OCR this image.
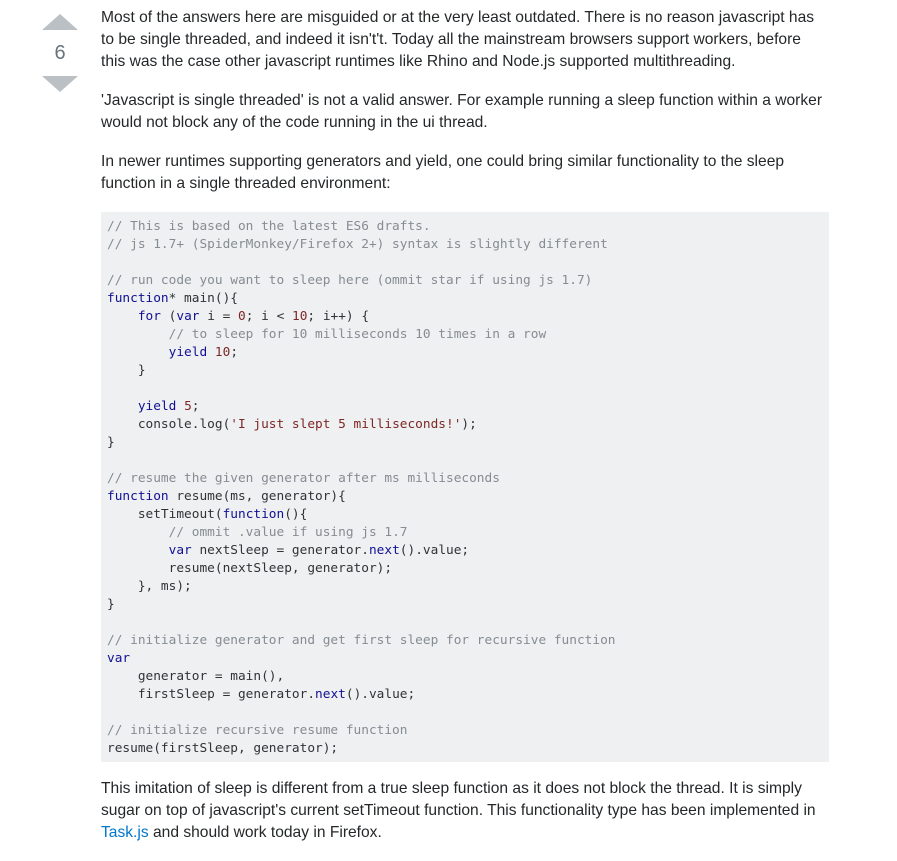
6

Most of the answers here are misguided or at the very least outdated. There is no reason javascript has to be single threaded, and indeed it isn't't. Today all the mainstream browsers support workers, before this was the case other javascript runtimes like Rhino and Node.js supported multithreading.

'Javascript is single threaded' is not a valid answer. For example running a sleep function within a worker would not block any of the code running in the ui thread.

In newer runtimes supporting generators and yield, one could bring similar functionality to the sleep function in a single threaded environment:

// This is based on the latest ES6 drafts.
// js 1.7+ (SpiderMonkey/Firefox 2+) syntax is slightly different
// run code you want to sleep here (ommit star if using js 1.7)
function* main(){
for (var i = 0; i < 10; i++) {
// to sleep for 10 milliseconds 10 times in a row
yield 10;
}
yield 5;
console.log('I just slept 5 milliseconds!');
}
// resume the given generator after ms milliseconds
function resume(ms, generator){
setTimeout(function(){
// ommit .value if using js 1.7
var nextSleep = generator.next().value;
resume(nextSleep, generator);
}, ms);
}
// initialize generator and get first sleep for recursive function
var
generator = main(),
firstSleep = generator.next().value;
// initialize recursive resume function
resume(firstSleep, generator);

This imitation of sleep is different from a true sleep function as it does not block the thread. It is simply sugar on top of javascript's current setTimeout function. This functionality type has been implemented in Task.js and should work today in Firefox.
